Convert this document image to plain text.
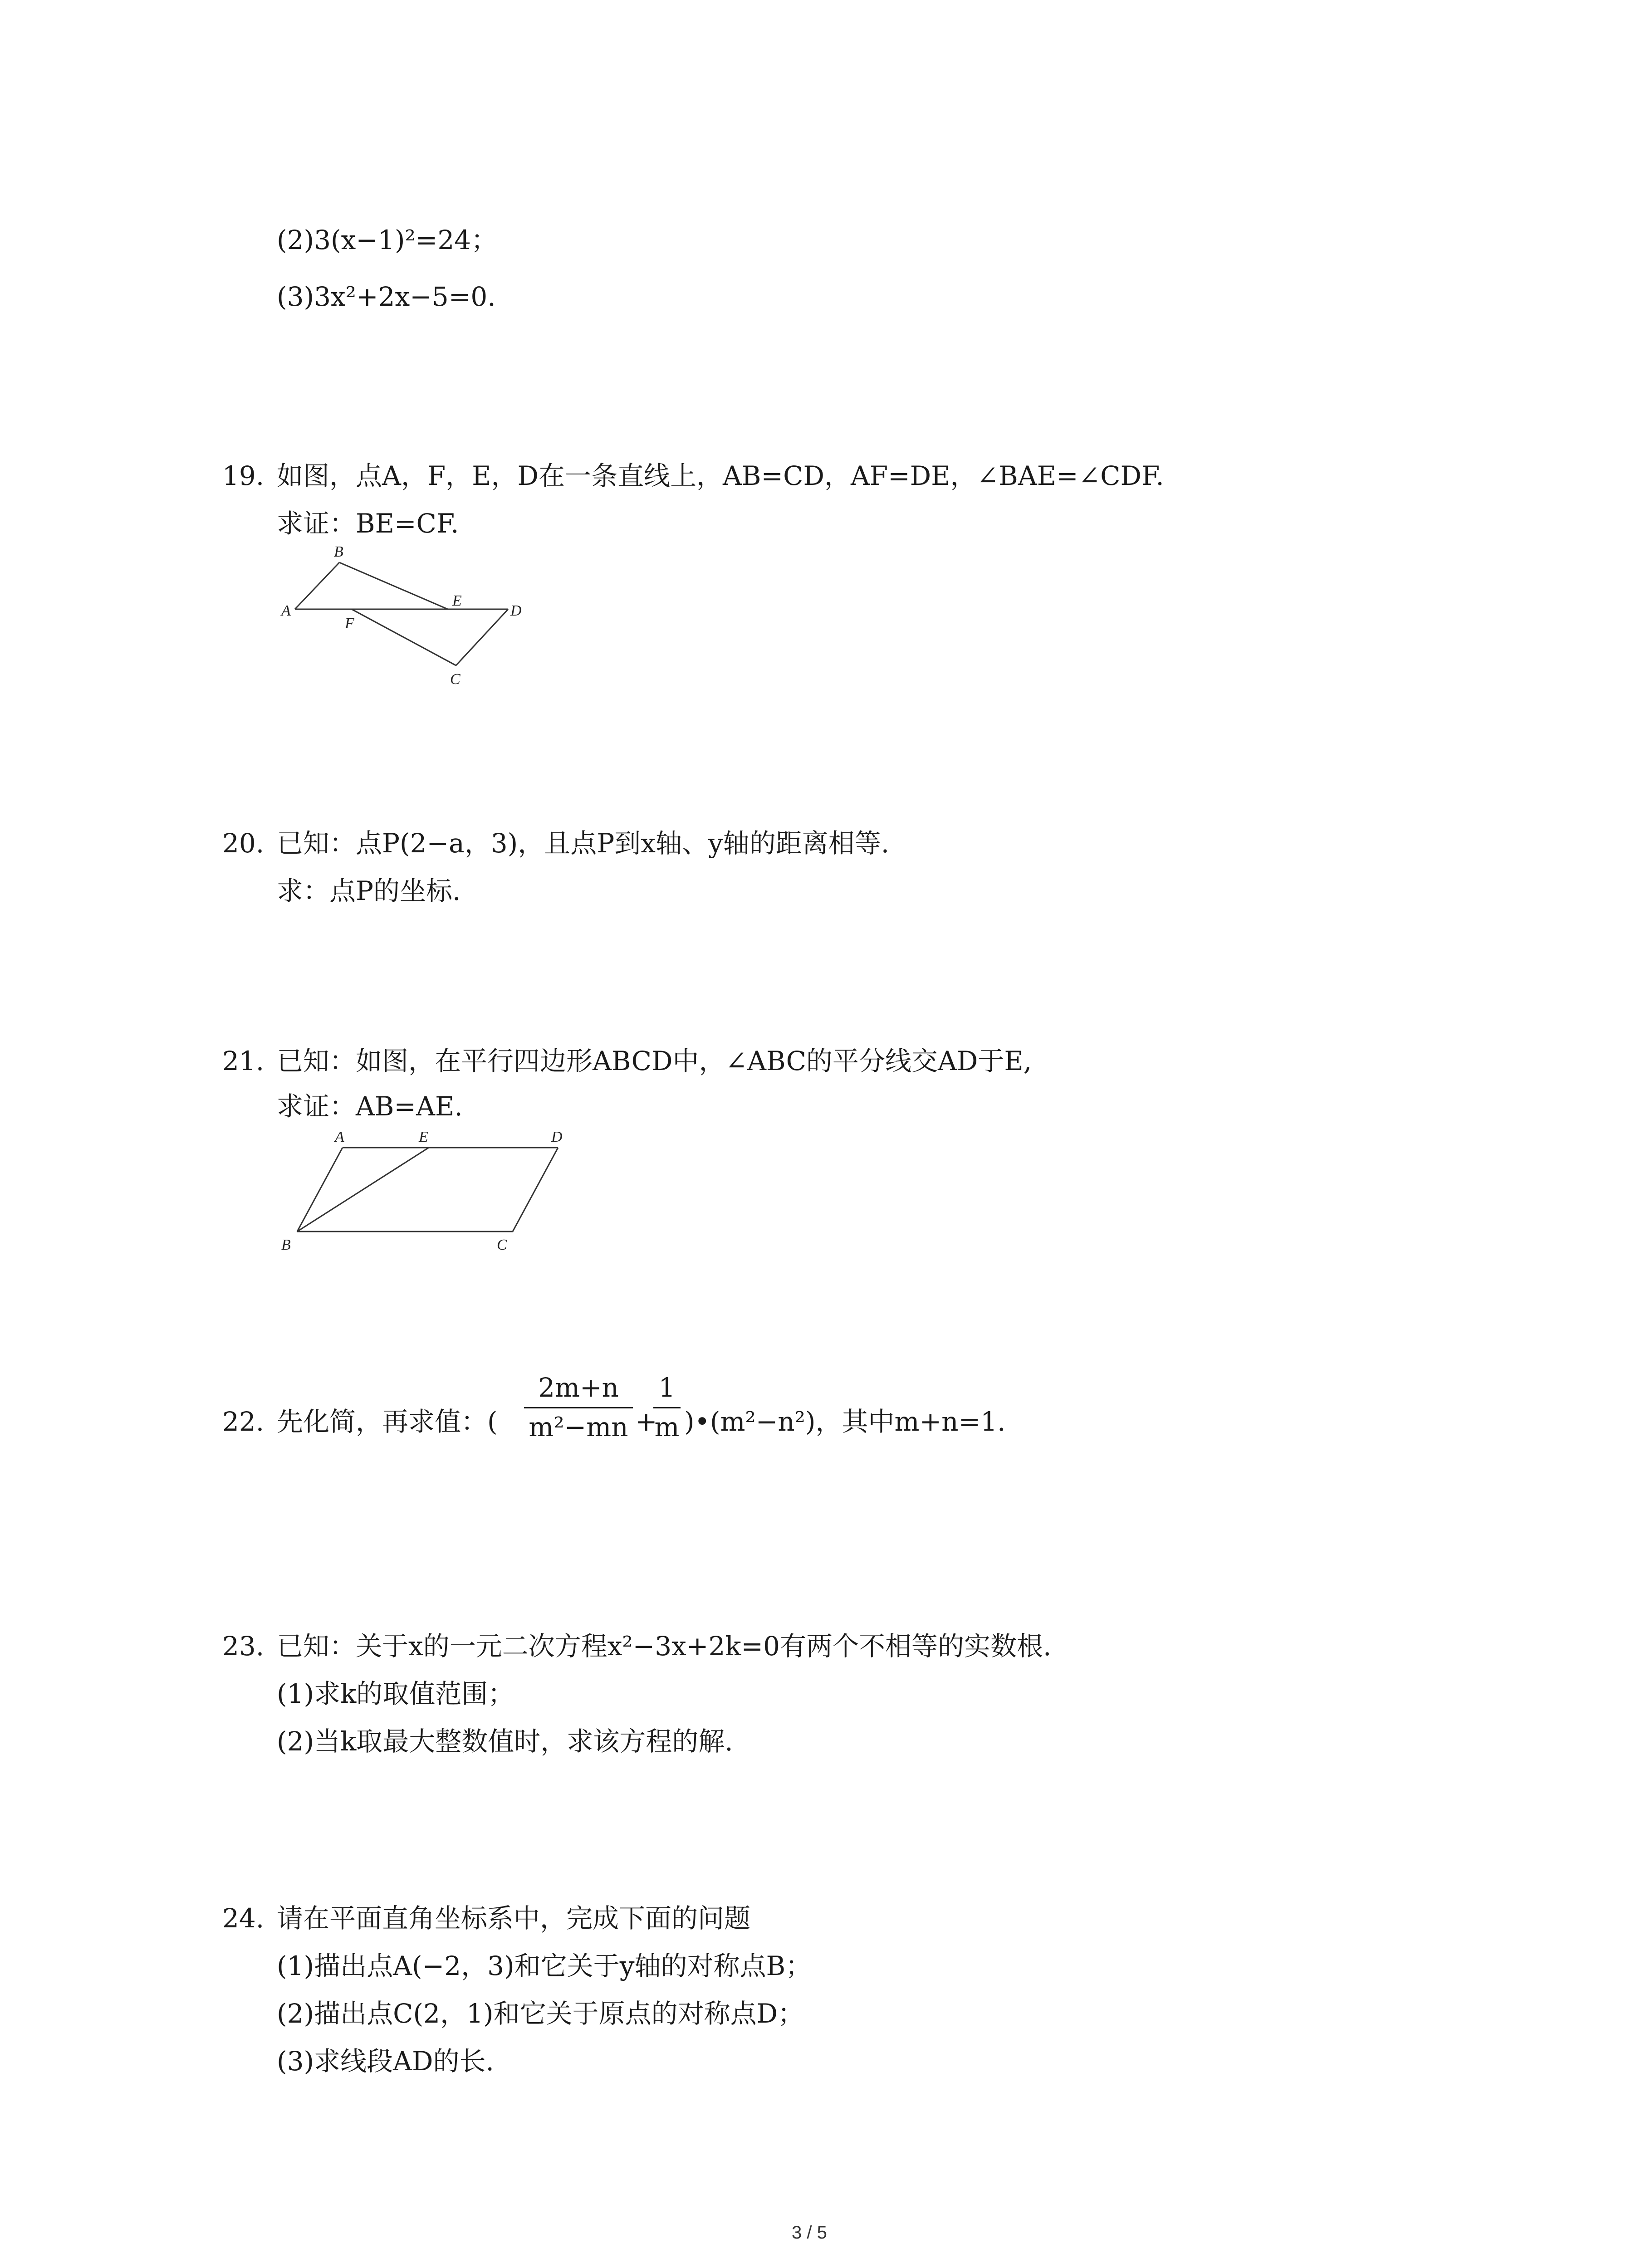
(2)3(x−1)²=24；
(3)3x²+2x−5=0.
19. 如图，点A，F，E，D在一条直线上，AB=CD，AF=DE，∠BAE=∠CDF.
求证：BE=CF.
A
B
F
E
D
C
20. 已知：点P(2−a，3)，且点P到x轴、y轴的距离相等.
求：点P的坐标.
21. 已知：如图，在平行四边形ABCD中，∠ABC的平分线交AD于E,
求证：AB=AE.
A	E	D
B	C
22. 先化简，再求值：(
2m+n
m²−mn +
1
m )•(m²−n²)，其中m+n=1.
23. 已知：关于x的一元二次方程x²−3x+2k=0有两个不相等的实数根.
(1)求k的取值范围；
(2)当k取最大整数值时，求该方程的解.
24. 请在平面直角坐标系中，完成下面的问题
(1)描出点A(−2，3)和它关于y轴的对称点B；
(2)描出点C(2，1)和它关于原点的对称点D；
(3)求线段AD的长.
3 / 5
